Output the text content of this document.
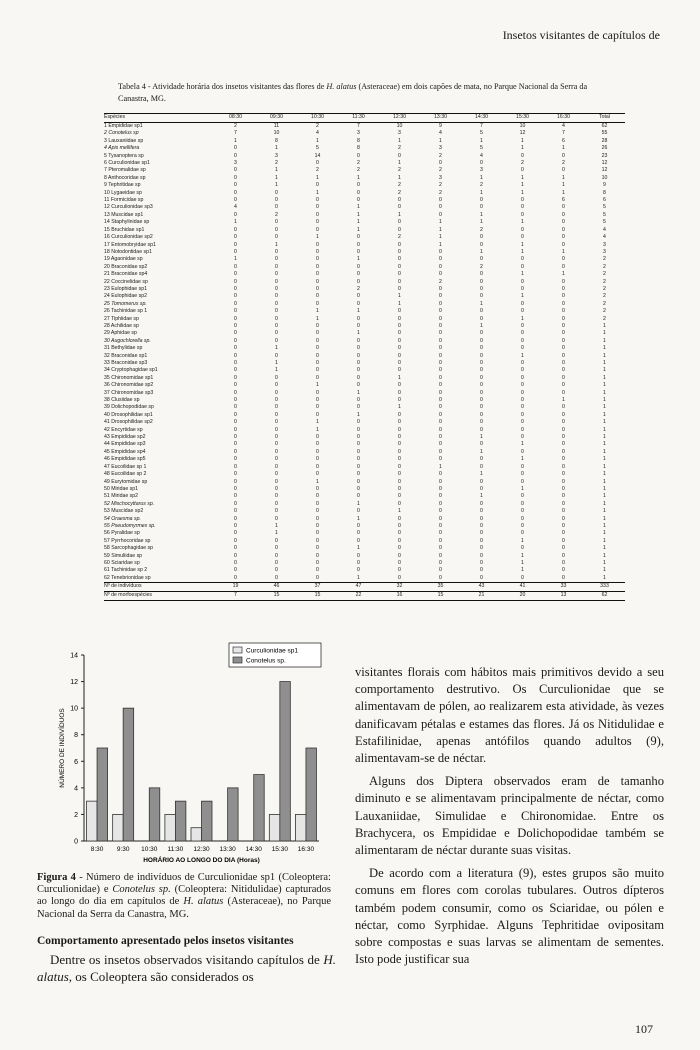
Insetos visitantes de capítulos de
Tabela 4 - Atividade horária dos insetos visitantes das flores de H. alatus (Asteraceae) em dois capões de mata, no Parque Nacional da Serra da Canastra, MG.
Espécies	08:30	09:30	10:30	11:30	12:30	13:30	14:30	15:30	16:30	Total
1 Empididae sp1	2	11	2	7	10	9	7	10	4	62
2 Conotelus sp	7	10	4	3	3	4	5	12	7	55
3 Lauxaniidae sp	1	8	1	8	1	1	1	1	6	28
4 Apis mellifera	0	1	5	8	2	3	5	1	1	26
5 Tysanoptera sp	0	3	14	0	0	2	4	0	0	23
6 Curculionidae sp1	3	2	0	2	1	0	0	2	2	12
7 Pteromalidae sp	0	1	2	2	2	2	3	0	0	12
8 Anthocoridae sp	0	1	1	1	1	3	1	1	1	10
9 Tephritidae sp	0	1	0	0	2	2	2	1	1	9
10 Lygaeidae sp	0	0	1	0	2	2	1	1	1	8
11 Formicidae sp	0	0	0	0	0	0	0	0	6	6
12 Curculionidae sp3	4	0	0	1	0	0	0	0	0	5
13 Muscidae sp1	0	2	0	1	1	0	1	0	0	5
14 Staphylinidae sp	1	0	0	1	0	1	1	1	0	5
15 Bruchidae sp1	0	0	0	1	0	1	2	0	0	4
16 Curculionidae sp2	0	0	1	0	2	1	0	0	0	4
17 Entomobryidae sp1	0	1	0	0	0	1	0	1	0	3
18 Notodontidae sp1	0	0	0	0	0	0	1	1	1	3
19 Agaonidae sp	1	0	0	1	0	0	0	0	0	2
20 Braconidae sp2	0	0	0	0	0	0	2	0	0	2
21 Braconidae sp4	0	0	0	0	0	0	0	1	1	2
22 Coccinelidae sp	0	0	0	0	0	2	0	0	0	2
23 Eulophidae sp1	0	0	0	2	0	0	0	0	0	2
24 Eulophidae sp2	0	0	0	0	1	0	0	1	0	2
25 Tomomerus sp.	0	0	0	0	1	0	1	0	0	2
26 Tachinidae sp 1	0	0	1	1	0	0	0	0	0	2
27 Tiphiidae sp	0	0	1	0	0	0	0	1	0	2
28 Achilidae sp	0	0	0	0	0	0	1	0	0	1
29 Aphidae sp	0	0	0	1	0	0	0	0	0	1
30 Augochlorella sp.	0	0	0	0	0	0	0	0	0	1
31 Bethylidae sp	0	1	0	0	0	0	0	0	0	1
32 Braconidae sp1	0	0	0	0	0	0	0	1	0	1
33 Braconidae sp3	0	1	0	0	0	0	0	0	0	1
34 Cryptophagidae sp1	0	1	0	0	0	0	0	0	0	1
35 Chironomidae sp1	0	0	0	0	1	0	0	0	0	1
36 Chironomidae sp2	0	0	1	0	0	0	0	0	0	1
37 Chironomidae sp3	0	0	0	1	0	0	0	0	0	1
38 Clusiidae sp	0	0	0	0	0	0	0	0	1	1
39 Dolichopodidae sp	0	0	0	0	1	0	0	0	0	1
40 Drosophilidae sp1	0	0	0	1	0	0	0	0	0	1
41 Drosophilidae sp2	0	0	1	0	0	0	0	0	0	1
42 Encyrtidae sp	0	0	1	0	0	0	0	0	0	1
43 Empididae sp2	0	0	0	0	0	0	1	0	0	1
44 Empididae sp3	0	0	0	0	0	0	0	1	0	1
45 Empididae sp4	0	0	0	0	0	0	1	0	0	1
46 Empididae sp5	0	0	0	0	0	0	0	1	0	1
47 Eucoilidae sp 1	0	0	0	0	0	1	0	0	0	1
48 Eucoilidae sp 2	0	0	0	0	0	0	1	0	0	1
49 Eurytomidae sp	0	0	1	0	0	0	0	0	0	1
50 Miridae sp1	0	0	0	0	0	0	0	1	0	1
51 Miridae sp2	0	0	0	0	0	0	1	0	0	1
52 Mischocyttarus sp.	0	0	0	1	0	0	0	0	0	1
53 Muscidae sp2	0	0	0	0	1	0	0	0	0	1
54 Oraesma sp.	0	0	0	1	0	0	0	0	0	1
55 Pseudomyrmex sp.	0	1	0	0	0	0	0	0	0	1
56 Pyralidae sp	0	1	0	0	0	0	0	0	0	1
57 Pyrrhocoridae sp	0	0	0	0	0	0	0	1	0	1
58 Sarcophagidae sp	0	0	0	1	0	0	0	0	0	1
59 Simuliidae sp	0	0	0	0	0	0	0	1	0	1
60 Sciaridae sp	0	0	0	0	0	0	0	1	0	1
61 Tachinidae sp 2	0	0	0	0	0	0	0	1	0	1
62 Tenebrionidae sp	0	0	0	1	0	0	0	0	0	1
Nº de indivíduos	19	46	37	47	32	35	43	41	33	333
Nº de morfoespécies	7	15	15	22	16	15	21	20	13	62
0
2
4
6
8
10
12
14
NÚMERO DE INDIVÍDUOS
8:30 9:30 10:30 11:30 12:30 13:30 14:30 15:30 16:30
HORÁRIO AO LONGO DO DIA (Horas)
Curculionidae sp1
Conotelus sp.
Figura 4 - Número de indivíduos de Curculionidae sp1 (Coleoptera: Curculionidae) e Conotelus sp. (Coleoptera: Nitidulidae) capturados ao longo do dia em capítulos de H. alatus (Asteraceae), no Parque Nacional da Serra da Canastra, MG.
Comportamento apresentado pelos insetos visitantes
 Dentre os insetos observados visitando capítulos de H. alatus, os Coleoptera são considerados os

visitantes florais com hábitos mais primitivos devido a seu comportamento destrutivo. Os Curculionidae que se alimentavam de pólen, ao realizarem esta atividade, às vezes danificavam pétalas e estames das flores. Já os Nitidulidae e Estafilinidae, apenas antófilos quando adultos (9), alimentavam-se de néctar.

Alguns dos Diptera observados eram de tamanho diminuto e se alimentavam principalmente de néctar, como Lauxaniidae, Simulidae e Chironomidae. Entre os Brachycera, os Empididae e Dolichopodidae também se alimentaram de néctar durante suas visitas.

De acordo com a literatura (9), estes grupos são muito comuns em flores com corolas tubulares. Outros dípteros também podem consumir, como os Sciaridae, ou pólen e néctar, como Syrphidae. Alguns Tephritidae ovipositam sobre compostas e suas larvas se alimentam de sementes. Isto pode justificar sua

107
